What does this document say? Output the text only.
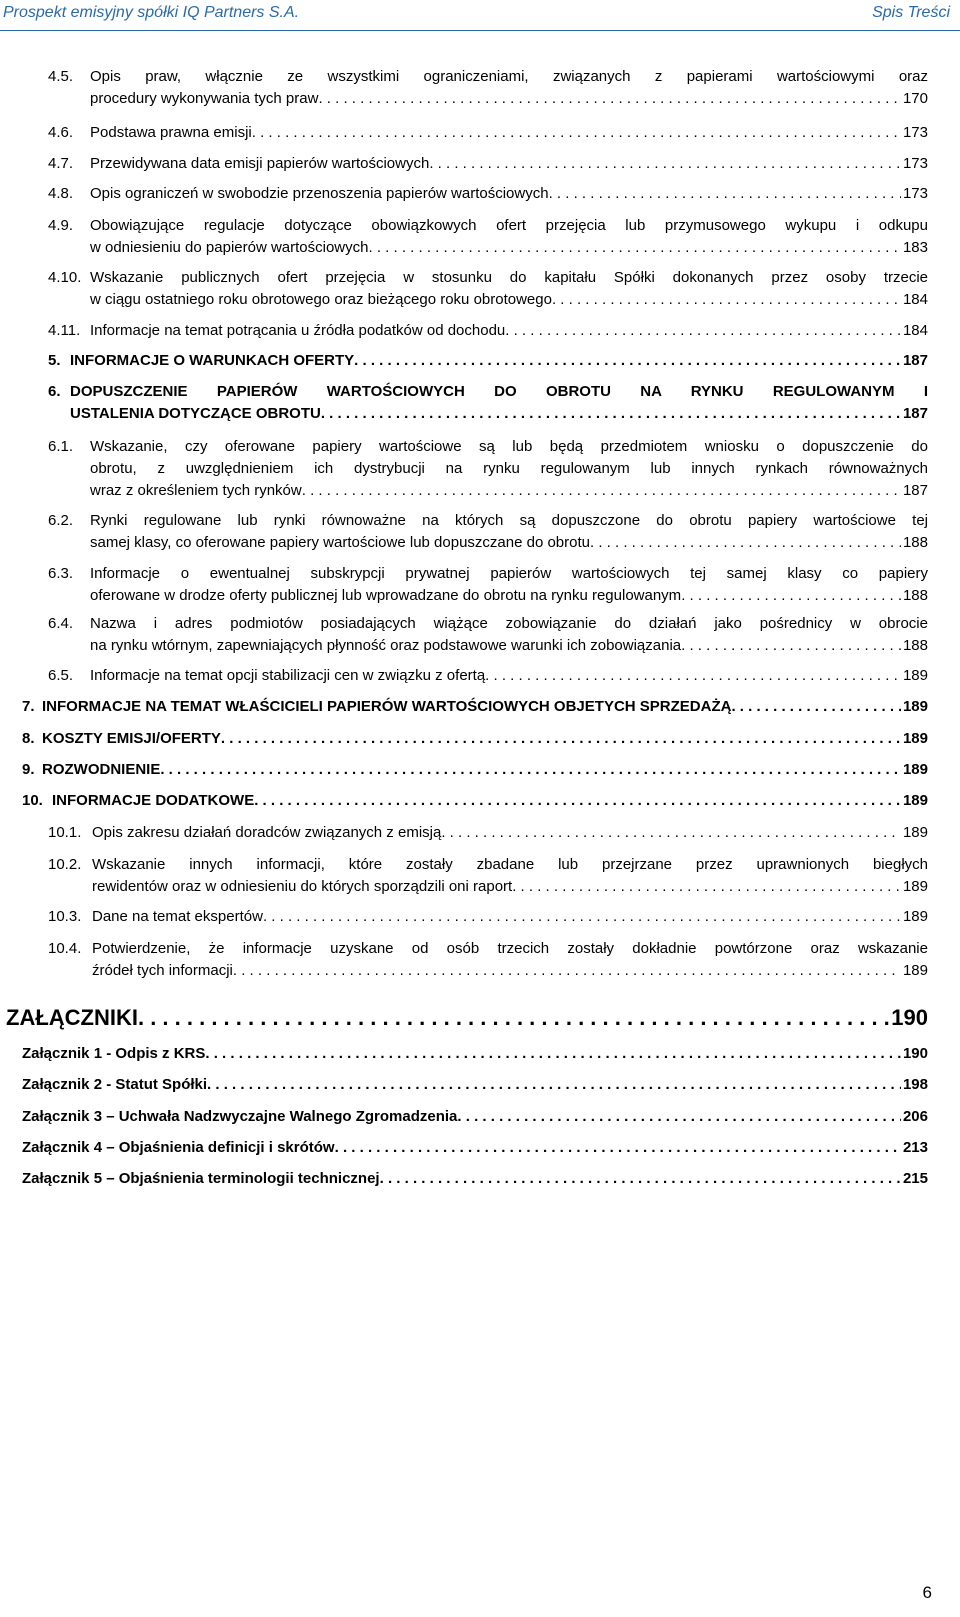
Prospekt emisyjny spółki IQ Partners S.A.	Spis Treści
4.5. Opis praw, włącznie ze wszystkimi ograniczeniami, związanych z papierami wartościowymi oraz
procedury wykonywania tych praw . . .	170
4.6. Podstawa prawna emisji . . .	173
4.7. Przewidywana data emisji papierów wartościowych . . .	173
4.8. Opis ograniczeń w swobodzie przenoszenia papierów wartościowych . . .	173
4.9. Obowiązujące regulacje dotyczące obowiązkowych ofert przejęcia lub przymusowego wykupu i odkupu
w odniesieniu do papierów wartościowych . . .	183
4.10. Wskazanie publicznych ofert przejęcia w stosunku do kapitału Spółki dokonanych przez osoby trzecie
w ciągu ostatniego roku obrotowego oraz bieżącego roku obrotowego . . .	184
4.11. Informacje na temat potrącania u źródła podatków od dochodu . . .	184
5. INFORMACJE O WARUNKACH OFERTY . . .	187
6. DOPUSZCZENIE PAPIERÓW WARTOŚCIOWYCH DO OBROTU NA RYNKU REGULOWANYM I
USTALENIA DOTYCZĄCE OBROTU . . .	187
6.1. Wskazanie, czy oferowane papiery wartościowe są lub będą przedmiotem wniosku o dopuszczenie do
obrotu, z uwzględnieniem ich dystrybucji na rynku regulowanym lub innych rynkach równoważnych
wraz z określeniem tych rynków . . .	187
6.2. Rynki regulowane lub rynki równoważne na których są dopuszczone do obrotu papiery wartościowe tej
samej klasy, co oferowane papiery wartościowe lub dopuszczane do obrotu . . .	188
6.3. Informacje o ewentualnej subskrypcji prywatnej papierów wartościowych tej samej klasy co papiery
oferowane w drodze oferty publicznej lub wprowadzane do obrotu na rynku regulowanym . . .	188
6.4. Nazwa i adres podmiotów posiadających wiążące zobowiązanie do działań jako pośrednicy w obrocie
na rynku wtórnym, zapewniających płynność oraz podstawowe warunki ich zobowiązania . . .	188
6.5. Informacje na temat opcji stabilizacji cen w związku z ofertą . . .	189
7. INFORMACJE NA TEMAT WŁAŚCICIELI PAPIERÓW WARTOŚCIOWYCH OBJETYCH SPRZEDAŻĄ . . .	189
8. KOSZTY EMISJI/OFERTY . . .	189
9. ROZWODNIENIE . . .	189
10. INFORMACJE DODATKOWE . . .	189
10.1. Opis zakresu działań doradców związanych z emisją . . .	189
10.2. Wskazanie innych informacji, które zostały zbadane lub przejrzane przez uprawnionych biegłych
rewidentów oraz w odniesieniu do których sporządzili oni raport . . .	189
10.3. Dane na temat ekspertów . . .	189
10.4. Potwierdzenie, że informacje uzyskane od osób trzecich zostały dokładnie powtórzone oraz wskazanie
źródeł tych informacji . . .	189
ZAŁĄCZNIKI . . .	190
Załącznik 1 - Odpis z KRS . . .	190
Załącznik 2 - Statut Spółki . . .	198
Załącznik 3 – Uchwała Nadzwyczajne Walnego Zgromadzenia . . .	206
Załącznik 4 – Objaśnienia definicji i skrótów . . .	213
Załącznik 5 – Objaśnienia terminologii technicznej . . .	215
6
